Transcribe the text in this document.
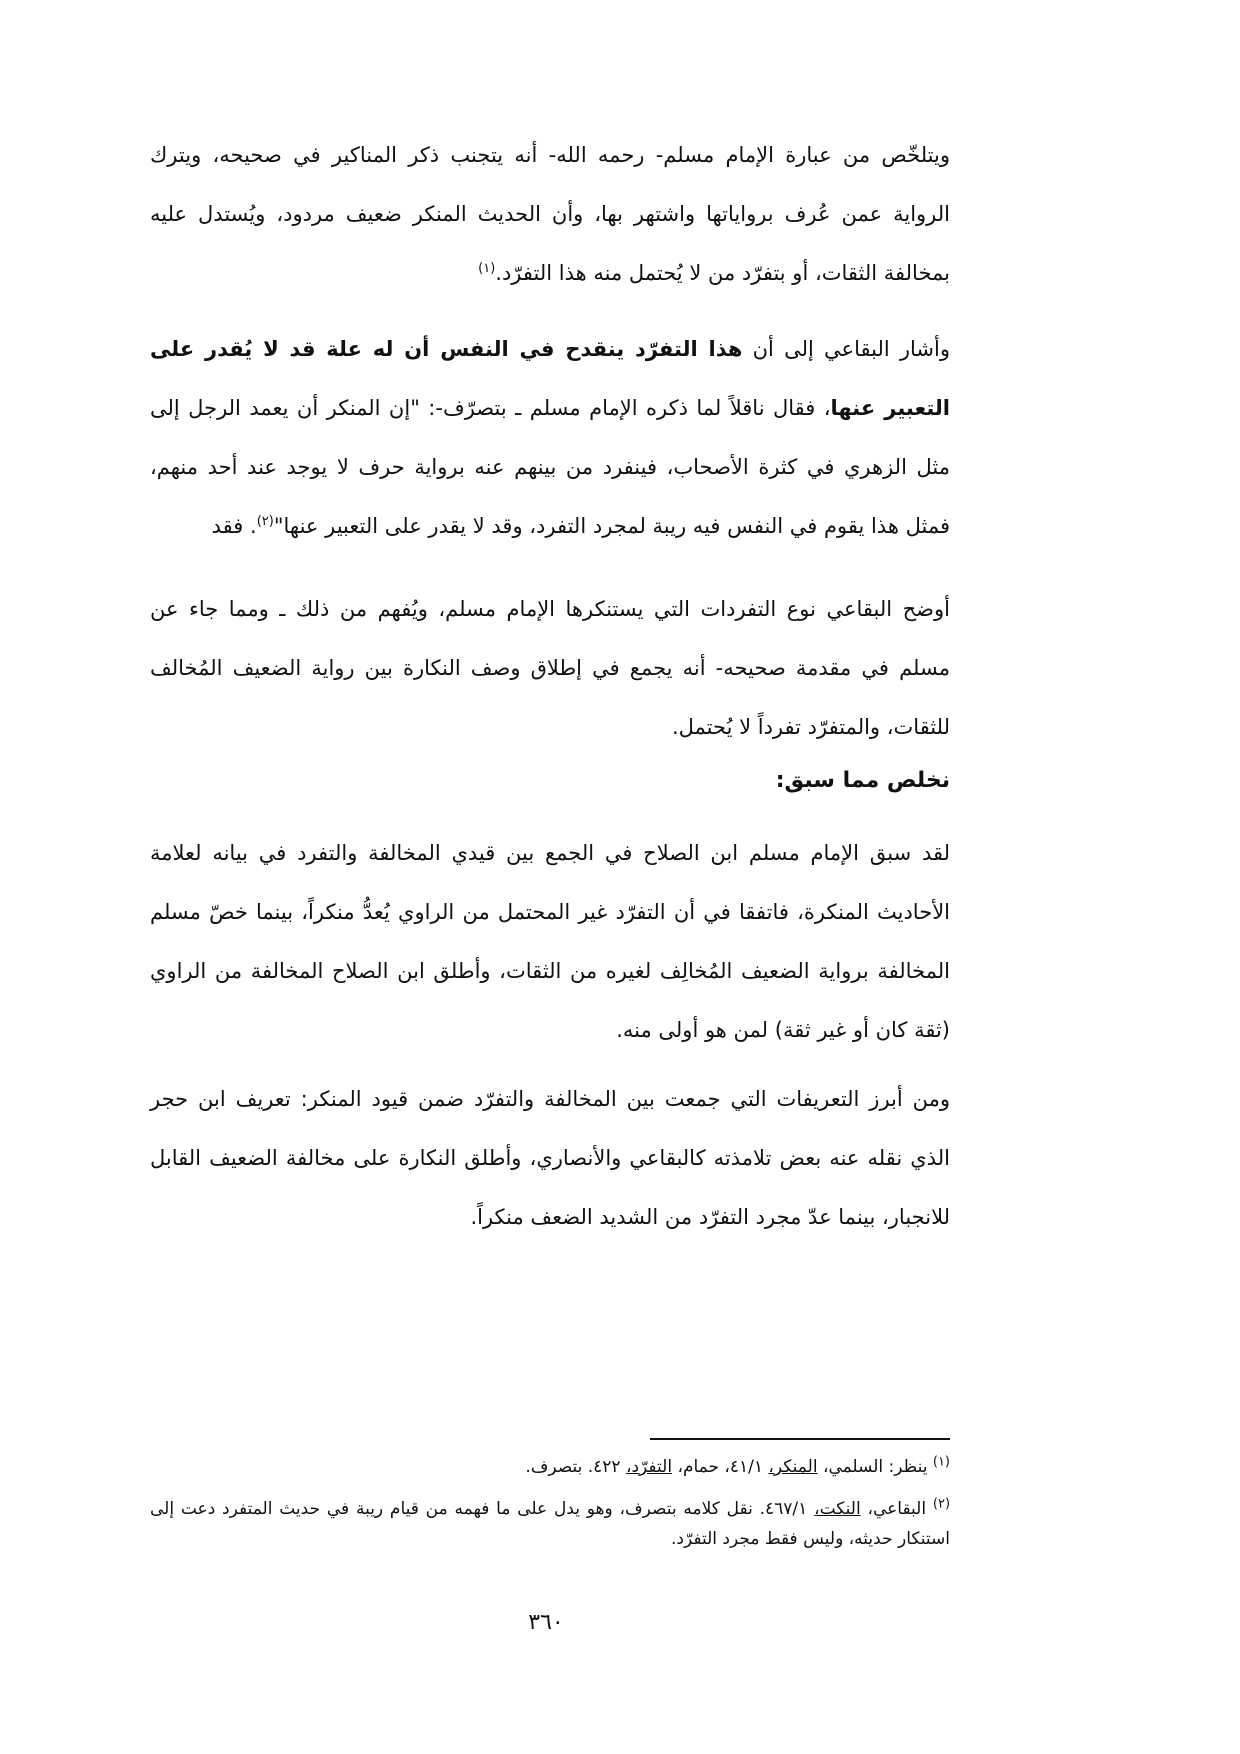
ويتلخّص من عبارة الإمام مسلم- رحمه الله- أنه يتجنب ذكر المناكير في صحيحه، ويترك الرواية عمن عُرف برواياتها واشتهر بها، وأن الحديث المنكر ضعيف مردود، ويُستدل عليه بمخالفة الثقات، أو بتفرّد من لا يُحتمل منه هذا التفرّد.$^{(١)}$

وأشار البقاعي إلى أن هذا التفرّد ينقدح في النفس أن له علة قد لا يُقدر على التعبير عنها، فقال ناقلاً لما ذكره الإمام مسلم ـ بتصرّف-: "إن المنكر أن يعمد الرجل إلى مثل الزهري في كثرة الأصحاب، فينفرد من بينهم عنه برواية حرف لا يوجد عند أحد منهم، فمثل هذا يقوم في النفس فيه ريبة لمجرد التفرد، وقد لا يقدر على التعبير عنها"$^{(٢)}$. فقد

أوضح البقاعي نوع التفردات التي يستنكرها الإمام مسلم، ويُفهم من ذلك ـ ومما جاء عن مسلم في مقدمة صحيحه- أنه يجمع في إطلاق وصف النكارة بين رواية الضعيف المُخالف للثقات، والمتفرّد تفرداً لا يُحتمل.

نخلص مما سبق:

لقد سبق الإمام مسلم ابن الصلاح في الجمع بين قيدي المخالفة والتفرد في بيانه لعلامة الأحاديث المنكرة، فاتفقا في أن التفرّد غير المحتمل من الراوي يُعدُّ منكراً، بينما خصّ مسلم المخالفة برواية الضعيف المُخالِف لغيره من الثقات، وأطلق ابن الصلاح المخالفة من الراوي (ثقة كان أو غير ثقة) لمن هو أولى منه.

ومن أبرز التعريفات التي جمعت بين المخالفة والتفرّد ضمن قيود المنكر: تعريف ابن حجر الذي نقله عنه بعض تلامذته كالبقاعي والأنصاري، وأطلق النكارة على مخالفة الضعيف القابل للانجبار، بينما عدّ مجرد التفرّد من الشديد الضعف منكراً.

$^{(١)}$ ينظر: السلمي، المنكر، ٤١/١، حمام، التفرّد، ٤٢٢. بتصرف.

$^{(٢)}$ البقاعي، النكت، ٤٦٧/١. نقل كلامه بتصرف، وهو يدل على ما فهمه من قيام ريبة في حديث المتفرد دعت إلى استنكار حديثه، وليس فقط مجرد التفرّد.

٣٦٠
